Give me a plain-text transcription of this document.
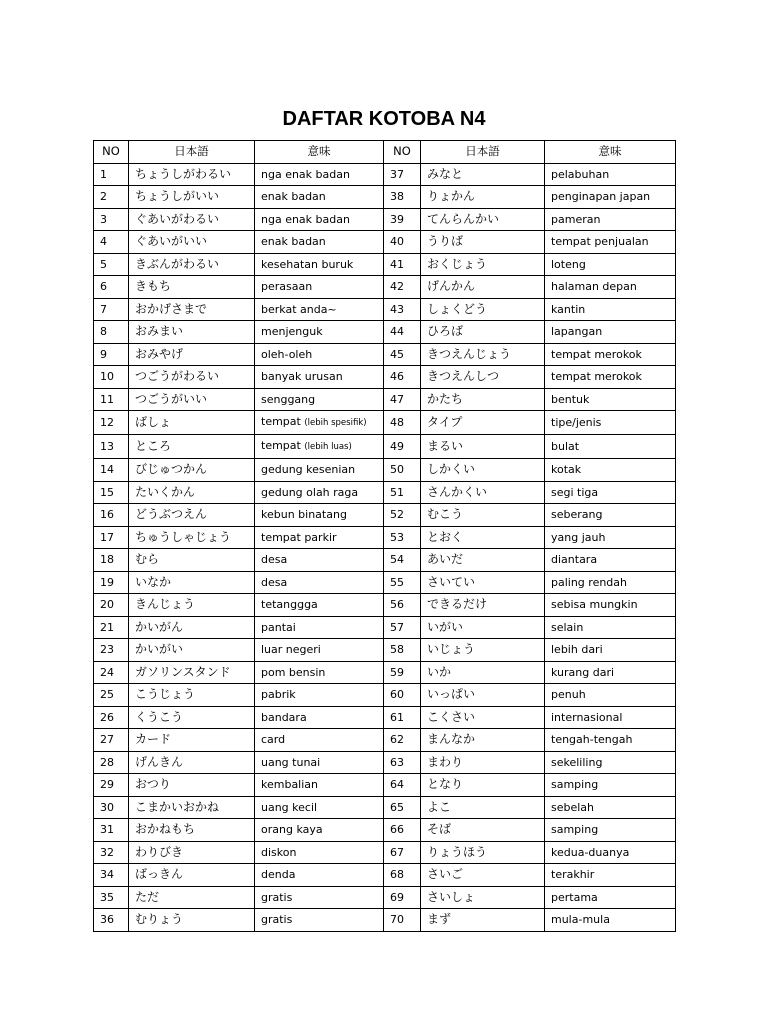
DAFTAR KOTOBA N4
NO	日本語	意味	NO	日本語	意味
1	ちょうしがわるい	nga enak badan	37	みなと	pelabuhan
2	ちょうしがいい	enak badan	38	りょかん	penginapan japan
3	ぐあいがわるい	nga enak badan	39	てんらんかい	pameran
4	ぐあいがいい	enak badan	40	うりば	tempat penjualan
5	きぶんがわるい	kesehatan buruk	41	おくじょう	loteng
6	きもち	perasaan	42	げんかん	halaman depan
7	おかげさまで	berkat anda~	43	しょくどう	kantin
8	おみまい	menjenguk	44	ひろば	lapangan
9	おみやげ	oleh-oleh	45	きつえんじょう	tempat merokok
10	つごうがわるい	banyak urusan	46	きつえんしつ	tempat merokok
11	つごうがいい	senggang	47	かたち	bentuk
12	ばしょ	tempat (lebih spesifik)	48	タイプ	tipe/jenis
13	ところ	tempat (lebih luas)	49	まるい	bulat
14	びじゅつかん	gedung kesenian	50	しかくい	kotak
15	たいくかん	gedung olah raga	51	さんかくい	segi tiga
16	どうぶつえん	kebun binatang	52	むこう	seberang
17	ちゅうしゃじょう	tempat parkir	53	とおく	yang jauh
18	むら	desa	54	あいだ	diantara
19	いなか	desa	55	さいてい	paling rendah
20	きんじょう	tetanggga	56	できるだけ	sebisa mungkin
21	かいがん	pantai	57	いがい	selain
23	かいがい	luar negeri	58	いじょう	lebih dari
24	ガソリンスタンド	pom bensin	59	いか	kurang dari
25	こうじょう	pabrik	60	いっぱい	penuh
26	くうこう	bandara	61	こくさい	internasional
27	カード	card	62	まんなか	tengah-tengah
28	げんきん	uang tunai	63	まわり	sekeliling
29	おつり	kembalian	64	となり	samping
30	こまかいおかね	uang kecil	65	よこ	sebelah
31	おかねもち	orang kaya	66	そば	samping
32	わりびき	diskon	67	りょうほう	kedua-duanya
34	ばっきん	denda	68	さいご	terakhir
35	ただ	gratis	69	さいしょ	pertama
36	むりょう	gratis	70	まず	mula-mula
